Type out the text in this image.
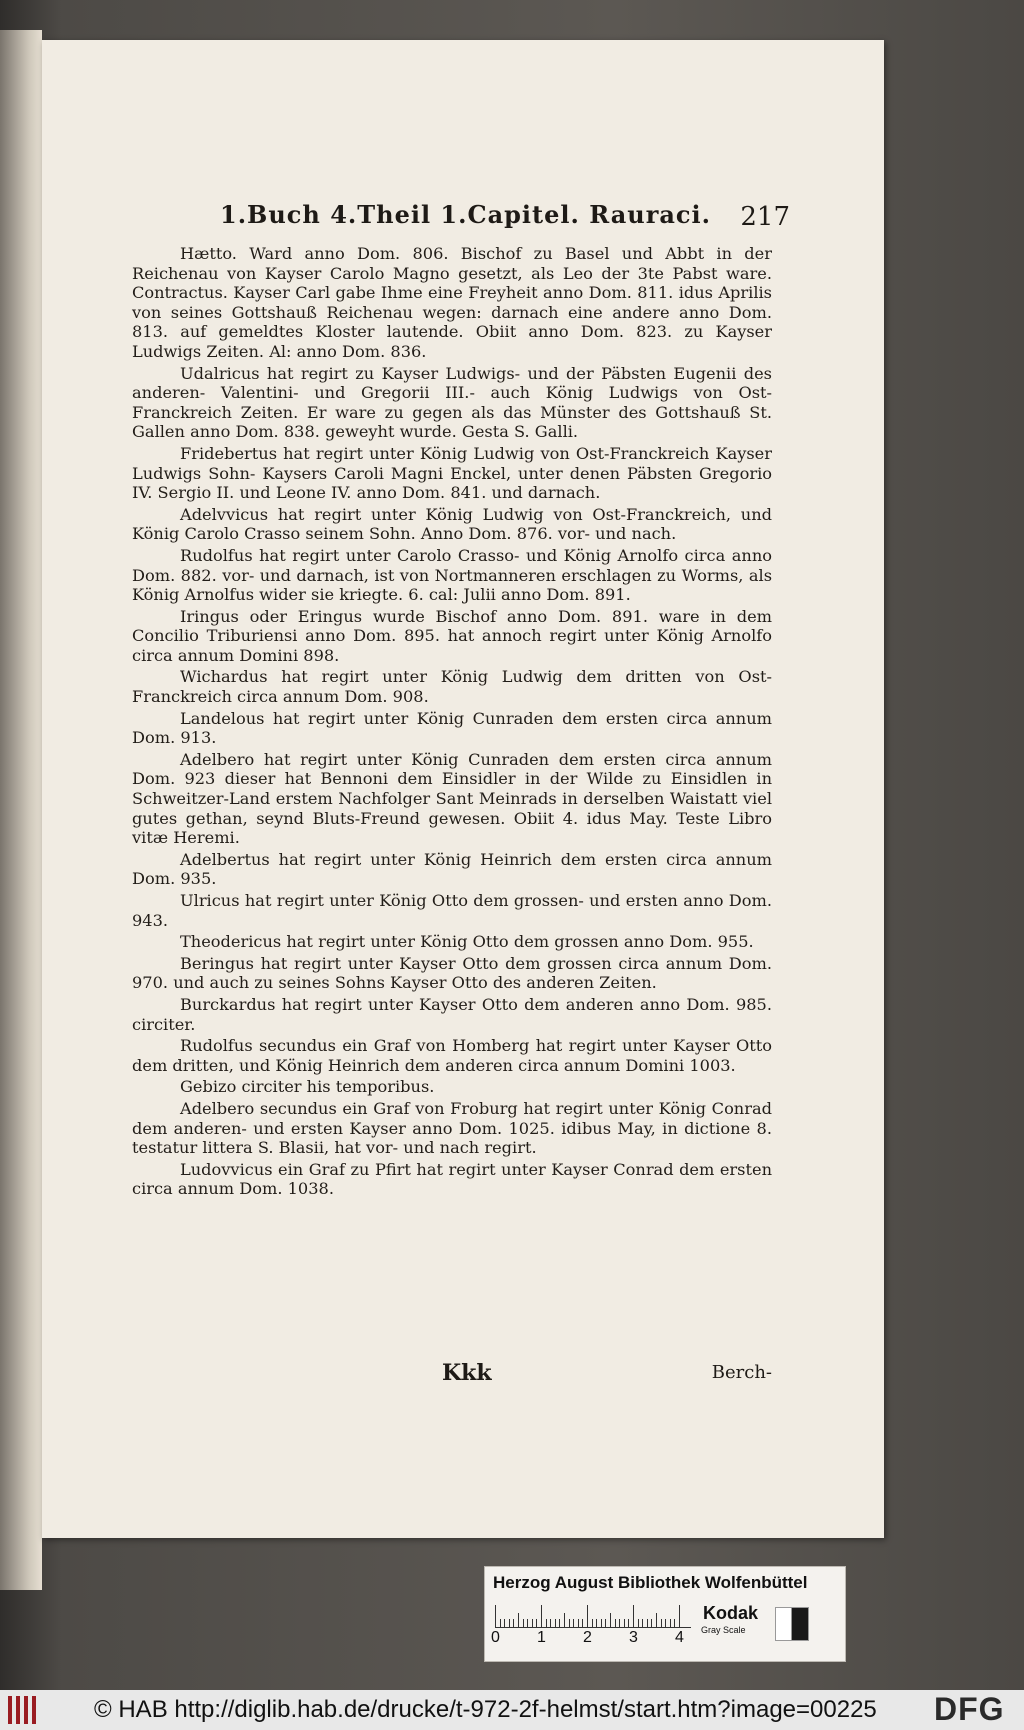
1.Buch 4.Theil 1.Capitel. Rauraci. 217

Hætto. Ward anno Dom. 806. Bischof zu Basel und Abbt in der Reichenau von Kayser Carolo Magno gesetzt, als Leo der 3te Pabst ware. Contractus. Kayser Carl gabe Ihme eine Freyheit anno Dom. 811. idus Aprilis von seines Gottshauß Reichenau wegen: darnach eine andere anno Dom. 813. auf gemeldtes Kloster lautende. Obiit anno Dom. 823. zu Kayser Ludwigs Zeiten. Al: anno Dom. 836.

Udalricus hat regirt zu Kayser Ludwigs- und der Päbsten Eugenii des anderen- Valentini- und Gregorii III.- auch König Ludwigs von Ost-Franckreich Zeiten. Er ware zu gegen als das Münster des Gottshauß St. Gallen anno Dom. 838. geweyht wurde. Gesta S. Galli.

Fridebertus hat regirt unter König Ludwig von Ost-Franckreich Kayser Ludwigs Sohn- Kaysers Caroli Magni Enckel, unter denen Päbsten Gregorio IV. Sergio II. und Leone IV. anno Dom. 841. und darnach.

Adelvvicus hat regirt unter König Ludwig von Ost-Franckreich, und König Carolo Crasso seinem Sohn. Anno Dom. 876. vor- und nach.

Rudolfus hat regirt unter Carolo Crasso- und König Arnolfo circa anno Dom. 882. vor- und darnach, ist von Nortmanneren erschlagen zu Worms, als König Arnolfus wider sie kriegte. 6. cal: Julii anno Dom. 891.

Iringus oder Eringus wurde Bischof anno Dom. 891. ware in dem Concilio Triburiensi anno Dom. 895. hat annoch regirt unter König Arnolfo circa annum Domini 898.

Wichardus hat regirt unter König Ludwig dem dritten von Ost-Franckreich circa annum Dom. 908.

Landelous hat regirt unter König Cunraden dem ersten circa annum Dom. 913.

Adelbero hat regirt unter König Cunraden dem ersten circa annum Dom. 923 dieser hat Bennoni dem Einsidler in der Wilde zu Einsidlen in Schweitzer-Land erstem Nachfolger Sant Meinrads in derselben Waistatt viel gutes gethan, seynd Bluts-Freund gewesen. Obiit 4. idus May. Teste Libro vitæ Heremi.

Adelbertus hat regirt unter König Heinrich dem ersten circa annum Dom. 935.

Ulricus hat regirt unter König Otto dem grossen- und ersten anno Dom. 943.

Theodericus hat regirt unter König Otto dem grossen anno Dom. 955.

Beringus hat regirt unter Kayser Otto dem grossen circa annum Dom. 970. und auch zu seines Sohns Kayser Otto des anderen Zeiten.

Burckardus hat regirt unter Kayser Otto dem anderen anno Dom. 985. circiter.

Rudolfus secundus ein Graf von Homberg hat regirt unter Kayser Otto dem dritten, und König Heinrich dem anderen circa annum Domini 1003.

Gebizo circiter his temporibus.

Adelbero secundus ein Graf von Froburg hat regirt unter König Conrad dem anderen- und ersten Kayser anno Dom. 1025. idibus May, in dictione 8. testatur littera S. Blasii, hat vor- und nach regirt.

Ludovvicus ein Graf zu Pfirt hat regirt unter Kayser Conrad dem ersten circa annum Dom. 1038.

Kkk	Berch-
Herzog August Bibliothek Wolfenbüttel
0 1 2 3 4
Kodak
Gray Scale
© HAB http://diglib.hab.de/drucke/t-972-2f-helmst/start.htm?image=00225 DFG
